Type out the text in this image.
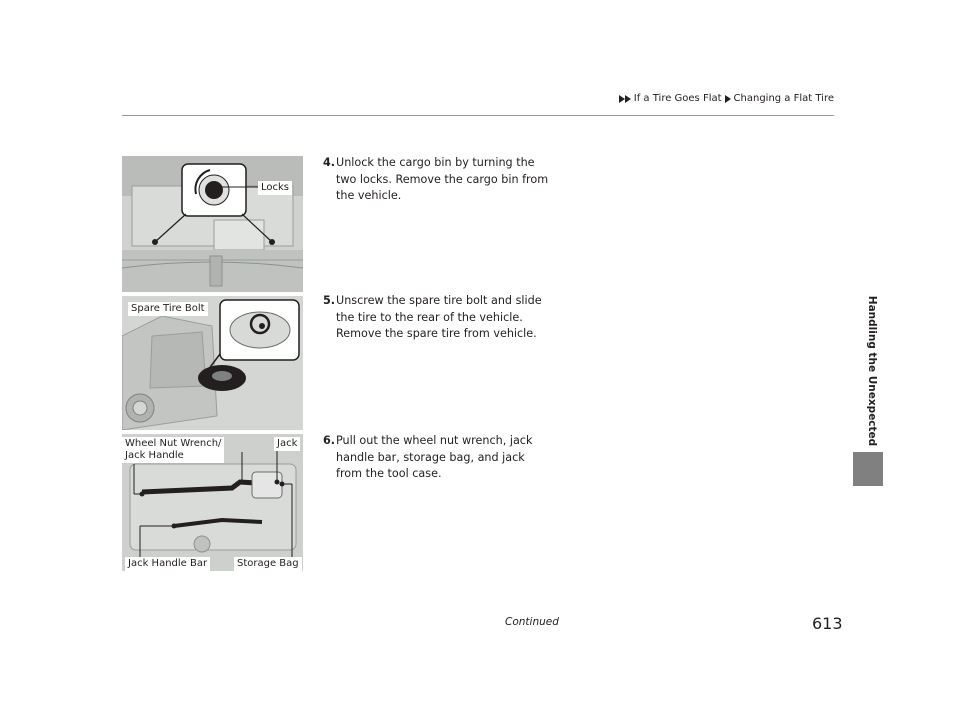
If a Tire Goes Flat Changing a Flat Tire
Handling the Unexpected
Locks
Spare Tire Bolt
Wheel Nut Wrench/
Jack Handle
Jack
Jack Handle Bar	Storage Bag
4. Unlock the cargo bin by turning the two locks. Remove the cargo bin from the vehicle.
5. Unscrew the spare tire bolt and slide the tire to the rear of the vehicle. Remove the spare tire from vehicle.
6. Pull out the wheel nut wrench, jack handle bar, storage bag, and jack from the tool case.
Continued	613
